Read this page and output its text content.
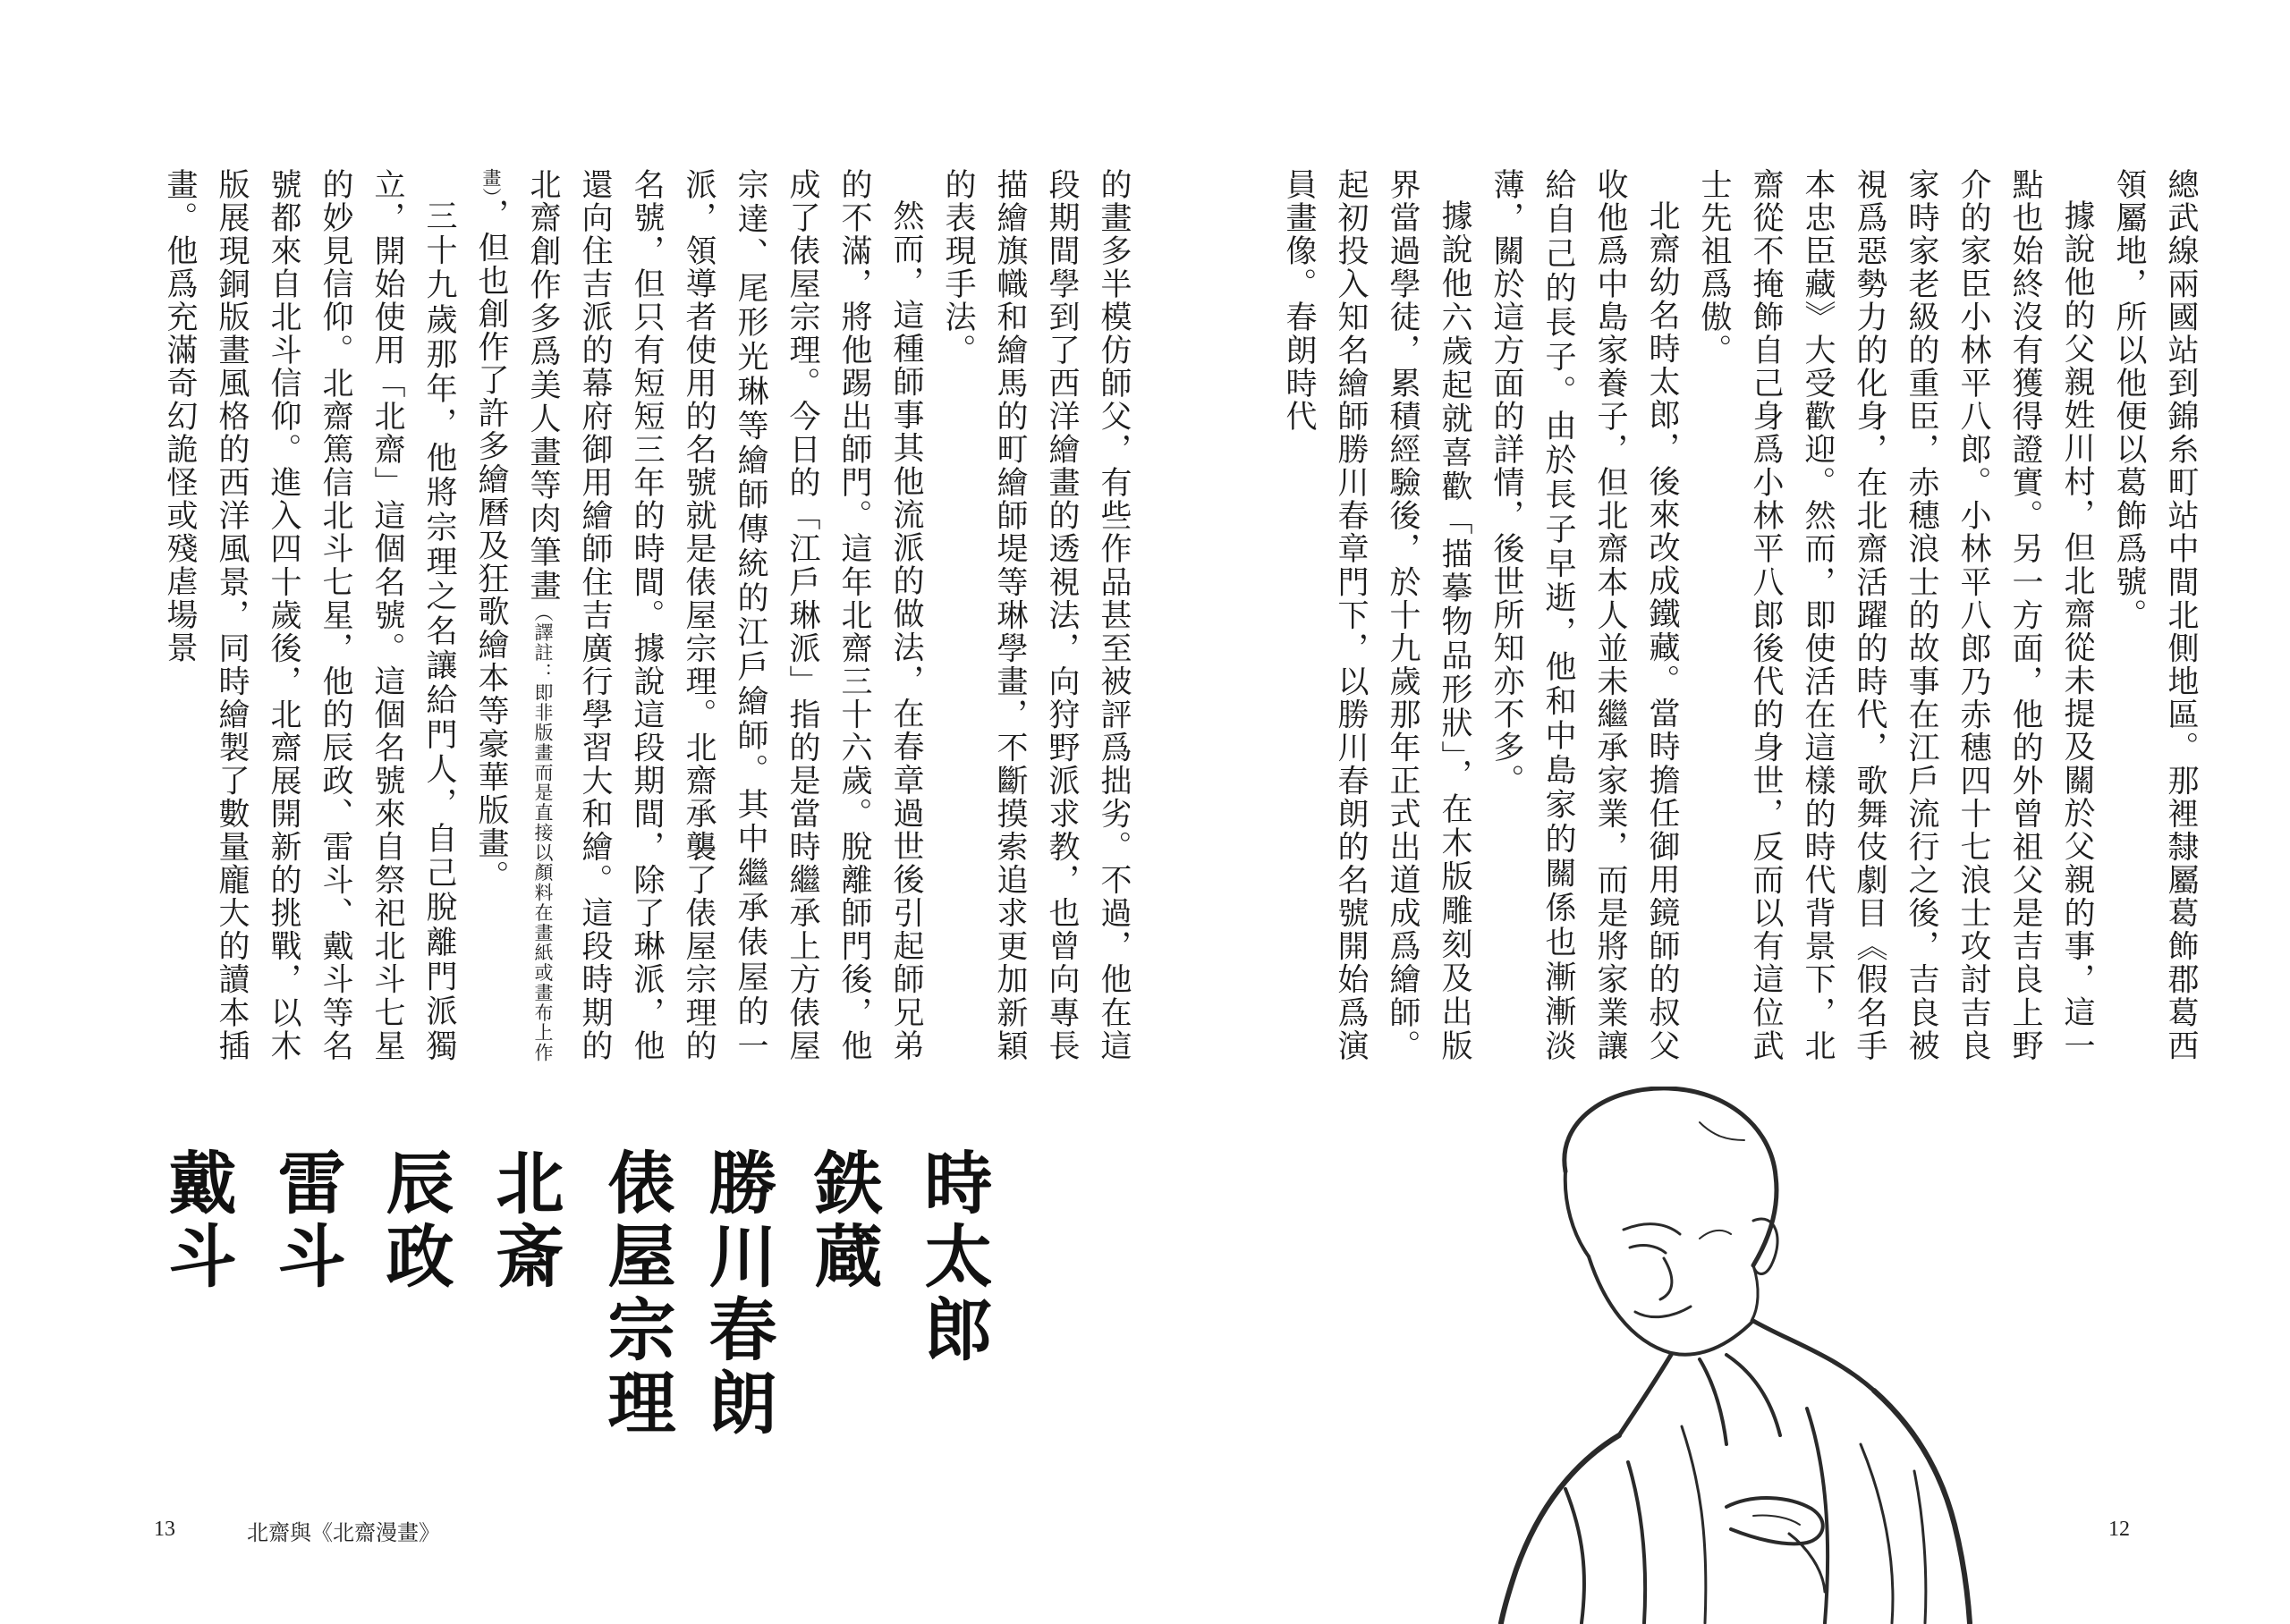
總武線兩國站到錦糸町站中間北側地區。那裡隸屬葛飾郡葛西領屬地，所以他便以葛飾爲號。

據說他的父親姓川村，但北齋從未提及關於父親的事，這一點也始終沒有獲得證實。另一方面，他的外曾祖父是吉良上野介的家臣小林平八郎。小林平八郎乃赤穗四十七浪士攻討吉良家時家老級的重臣，赤穗浪士的故事在江戶流行之後，吉良被視爲惡勢力的化身，在北齋活躍的時代，歌舞伎劇目《假名手本忠臣藏》大受歡迎。然而，即使活在這樣的時代背景下，北齋從不掩飾自己身爲小林平八郎後代的身世，反而以有這位武士先祖爲傲。

北齋幼名時太郎，後來改成鐵藏。當時擔任御用鏡師的叔父收他爲中島家養子，但北齋本人並未繼承家業，而是將家業讓給自己的長子。由於長子早逝，他和中島家的關係也漸漸淡薄，關於這方面的詳情，後世所知亦不多。

據說他六歲起就喜歡「描摹物品形狀」，在木版雕刻及出版界當過學徒，累積經驗後，於十九歲那年正式出道成爲繪師。起初投入知名繪師勝川春章門下，以勝川春朗的名號開始爲演員畫像。春朗時代

的畫多半模仿師父，有些作品甚至被評爲拙劣。不過，他在這段期間學到了西洋繪畫的透視法，向狩野派求教，也曾向專長描繪旗幟和繪馬的町繪師堤等琳學畫，不斷摸索追求更加新穎的表現手法。

然而，這種師事其他流派的做法，在春章過世後引起師兄弟的不滿，將他踢出師門。這年北齋三十六歲。脫離師門後，他成了俵屋宗理。今日的「江戶琳派」指的是當時繼承上方俵屋宗達、尾形光琳等繪師傳統的江戶繪師。其中繼承俵屋的一派，領導者使用的名號就是俵屋宗理。北齋承襲了俵屋宗理的名號，但只有短短三年的時間。據說這段期間，除了琳派，他還向住吉派的幕府御用繪師住吉廣行學習大和繪。這段時期的北齋創作多爲美人畫等肉筆畫（譯註：即非版畫而是直接以顏料在畫紙或畫布上作畫），但也創作了許多繪曆及狂歌繪本等豪華版畫。

三十九歲那年，他將宗理之名讓給門人，自己脫離門派獨立，開始使用「北齋」這個名號。這個名號來自祭祀北斗七星的妙見信仰。北齋篤信北斗七星，他的辰政、雷斗、戴斗等名號都來自北斗信仰。進入四十歲後，北齋展開新的挑戰，以木版展現銅版畫風格的西洋風景，同時繪製了數量龐大的讀本插畫。他爲充滿奇幻詭怪或殘虐場景

時太郎
鉄蔵
勝川春朗
俵屋宗理
北斎
辰政
雷斗
戴斗
13	北齋與《北齋漫畫》	12
